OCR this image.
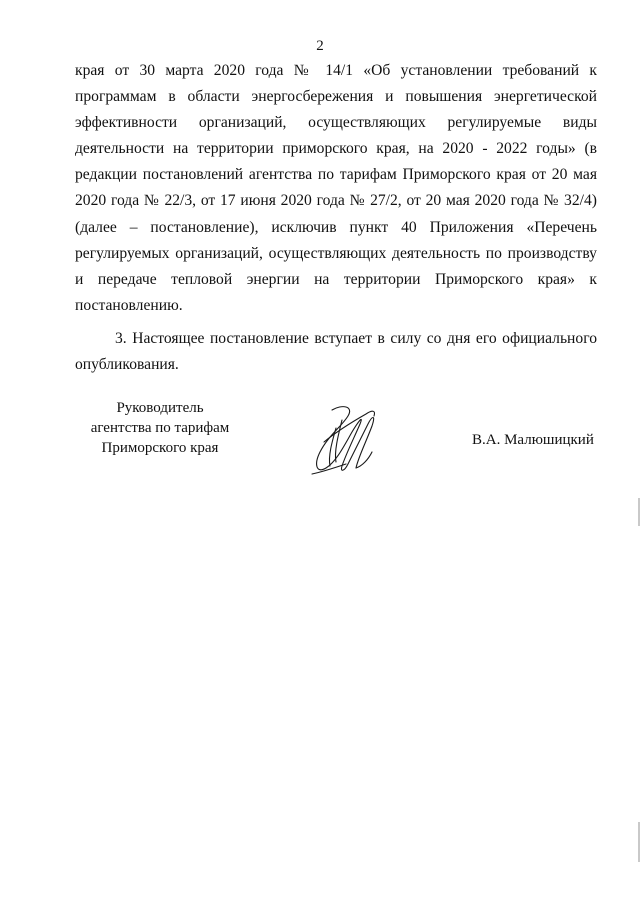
2

края от 30 марта 2020 года № 14/1 «Об установлении требований к программам в области энергосбережения и повышения энергетической эффективности организаций, осуществляющих регулируемые виды деятельности на территории приморского края, на 2020 - 2022 годы» (в редакции постановлений агентства по тарифам Приморского края от 20 мая 2020 года № 22/3, от 17 июня 2020 года № 27/2, от 20 мая 2020 года № 32/4) (далее – постановление), исключив пункт 40 Приложения «Перечень регулируемых организаций, осуществляющих деятельность по производству и передаче тепловой энергии на территории Приморского края» к постановлению.

3. Настоящее постановление вступает в силу со дня его официального опубликования.

Руководитель
агентства по тарифам
Приморского края	В.А. Малюшицкий
